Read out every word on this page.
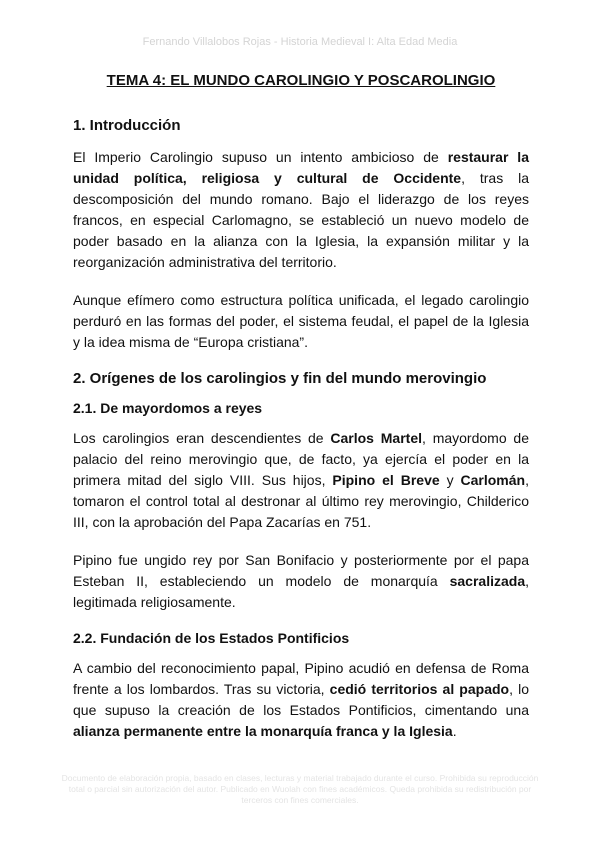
Fernando Villalobos Rojas - Historia Medieval I: Alta Edad Media
TEMA 4: EL MUNDO CAROLINGIO Y POSCAROLINGIO
1. Introducción

El Imperio Carolingio supuso un intento ambicioso de restaurar la unidad política, religiosa y cultural de Occidente, tras la descomposición del mundo romano. Bajo el liderazgo de los reyes francos, en especial Carlomagno, se estableció un nuevo modelo de poder basado en la alianza con la Iglesia, la expansión militar y la reorganización administrativa del territorio.

Aunque efímero como estructura política unificada, el legado carolingio perduró en las formas del poder, el sistema feudal, el papel de la Iglesia y la idea misma de “Europa cristiana”.

2. Orígenes de los carolingios y fin del mundo merovingio
2.1. De mayordomos a reyes

Los carolingios eran descendientes de Carlos Martel, mayordomo de palacio del reino merovingio que, de facto, ya ejercía el poder en la primera mitad del siglo VIII. Sus hijos, Pipino el Breve y Carlomán, tomaron el control total al destronar al último rey merovingio, Childerico III, con la aprobación del Papa Zacarías en 751.

Pipino fue ungido rey por San Bonifacio y posteriormente por el papa Esteban II, estableciendo un modelo de monarquía sacralizada, legitimada religiosamente.

2.2. Fundación de los Estados Pontificios

A cambio del reconocimiento papal, Pipino acudió en defensa de Roma frente a los lombardos. Tras su victoria, cedió territorios al papado, lo que supuso la creación de los Estados Pontificios, cimentando una alianza permanente entre la monarquía franca y la Iglesia.

Documento de elaboración propia, basado en clases, lecturas y material trabajado durante el curso. Prohibida su reproducción total o parcial sin autorización del autor. Publicado en Wuolah con fines académicos. Queda prohibida su redistribución por terceros con fines comerciales.
